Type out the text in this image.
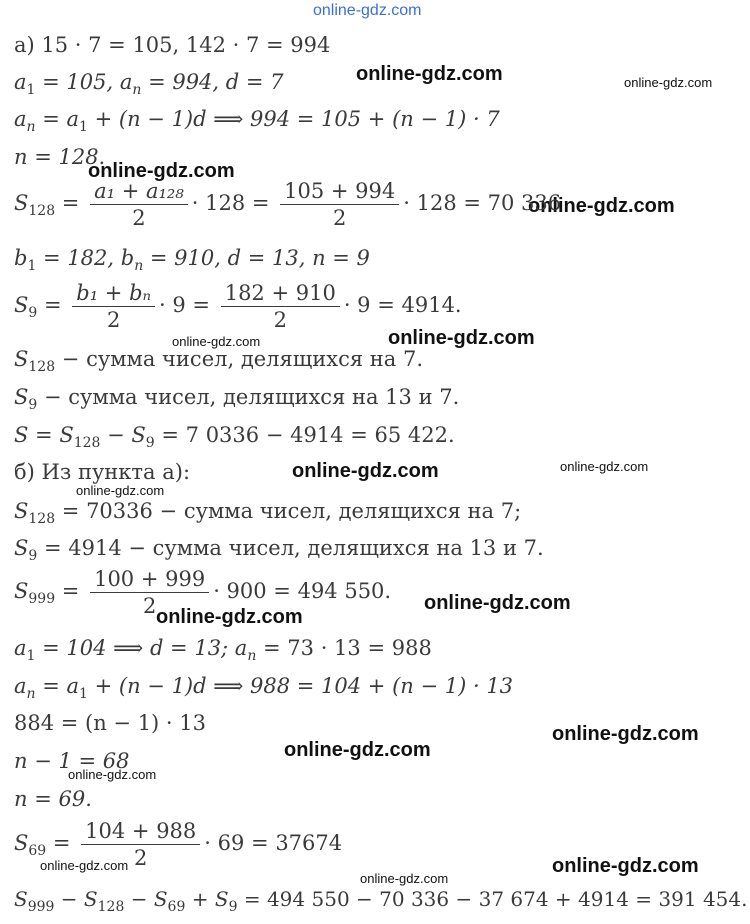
online-gdz.com
online-gdz.com	online-gdz.com
online-gdz.com
online-gdz.com
online-gdz.com	online-gdz.com
online-gdz.com	online-gdz.com
online-gdz.com
online-gdz.com
online-gdz.com
online-gdz.com
online-gdz.com
online-gdz.com
online-gdz.com
online-gdz.com
online-gdz.com
а) 15 · 7 = 105, 142 · 7 = 994
$a_1 = 105$, $a_n = 994$, d = 7
$a_n = a_1 + (n - 1)d$ ⟹ 994 = 105 + (n − 1) · 7
n = 128.
$S_{128} = \frac{\text{a₁ + a₁₂₈}}{2} \cdot 128 = \frac{105 + 994}{2} \cdot 128 = 70$ 336
$b_1 = 182$, $b_n = 910$, d = 13, n = 9
$S_9 = \frac{\text{b₁ + bₙ}}{2} \cdot 9 = \frac{182 + 910}{2} \cdot 9 = 4914$.
$S_{128}$ − сумма чисел, делящихся на 7.
$S_9$ − сумма чисел, делящихся на 13 и 7.
$S = S_{128} - S_9 = 7$ 0336 − 4914 = 65 422.
б) Из пункта а):
$S_{128} = 70336$ − сумма чисел, делящихся на 7;
$S_9 = 4914$ − сумма чисел, делящихся на 13 и 7.
$S_{999} = \frac{100 + 999}{2} \cdot 900 = 494$ 550.
$a_1 = 104$ ⟹ d = 13; $a_n = 73 \cdot 13 = 988$
$a_n = a_1 + (n - 1)d$ ⟹ 988 = 104 + (n − 1) · 13
884 = (n − 1) · 13
n − 1 = 68
n = 69.
$S_{69} = \frac{104 + 988}{2} \cdot 69 = 37674$
$S_{999} - S_{128} - S_{69} + S_9 = 494$ 550 − 70 336 − 37 674 + 4914 = 391 454.
